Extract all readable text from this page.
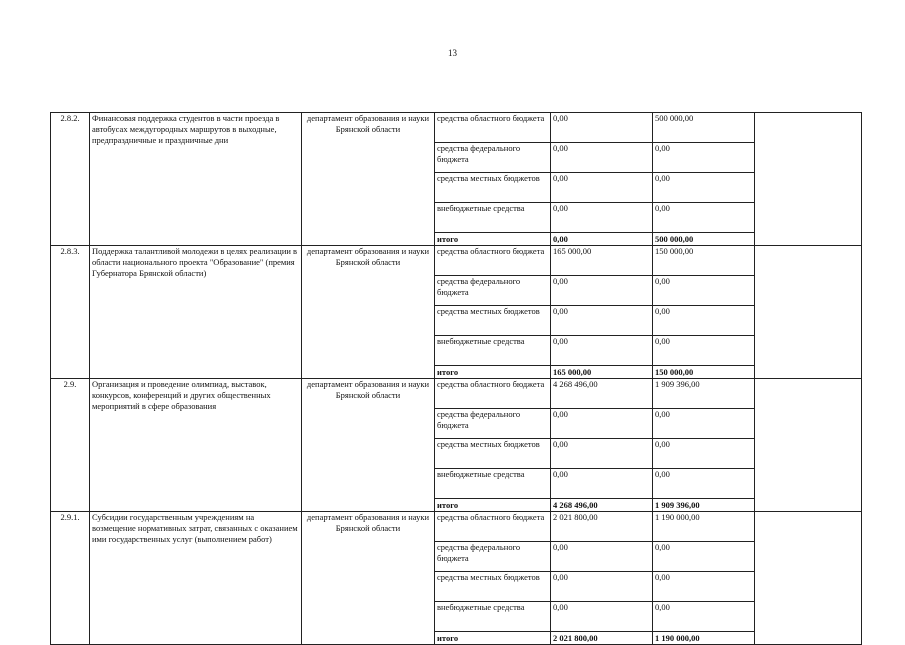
13
2.8.2.	Финансовая поддержка студентов в части проезда в автобусах междугородных маршрутов в выходные, предпраздничные и праздничные дни	департамент образования и науки Брянской области	средства областного бюджета	0,00	500 000,00	
			средства федерального бюджета	0,00	0,00	
			средства местных бюджетов	0,00	0,00	
			внебюджетные средства	0,00	0,00	
			итого	0,00	500 000,00	
2.8.3.	Поддержка талантливой молодежи в целях реализации в области национального проекта "Образование" (премия Губернатора Брянской области)	департамент образования и науки Брянской области	средства областного бюджета	165 000,00	150 000,00	
			средства федерального бюджета	0,00	0,00	
			средства местных бюджетов	0,00	0,00	
			внебюджетные средства	0,00	0,00	
			итого	165 000,00	150 000,00	
2.9.	Организация и проведение олимпиад, выставок, конкурсов, конференций и других общественных мероприятий в сфере образования	департамент образования и науки Брянской области	средства областного бюджета	4 268 496,00	1 909 396,00	
			средства федерального бюджета	0,00	0,00	
			средства местных бюджетов	0,00	0,00	
			внебюджетные средства	0,00	0,00	
			итого	4 268 496,00	1 909 396,00	
2.9.1.	Субсидии государственным учреждениям на возмещение нормативных затрат, связанных с оказанием ими государственных услуг (выполнением работ)	департамент образования и науки Брянской области	средства областного бюджета	2 021 800,00	1 190 000,00	
			средства федерального бюджета	0,00	0,00	
			средства местных бюджетов	0,00	0,00	
			внебюджетные средства	0,00	0,00	
			итого	2 021 800,00	1 190 000,00	
